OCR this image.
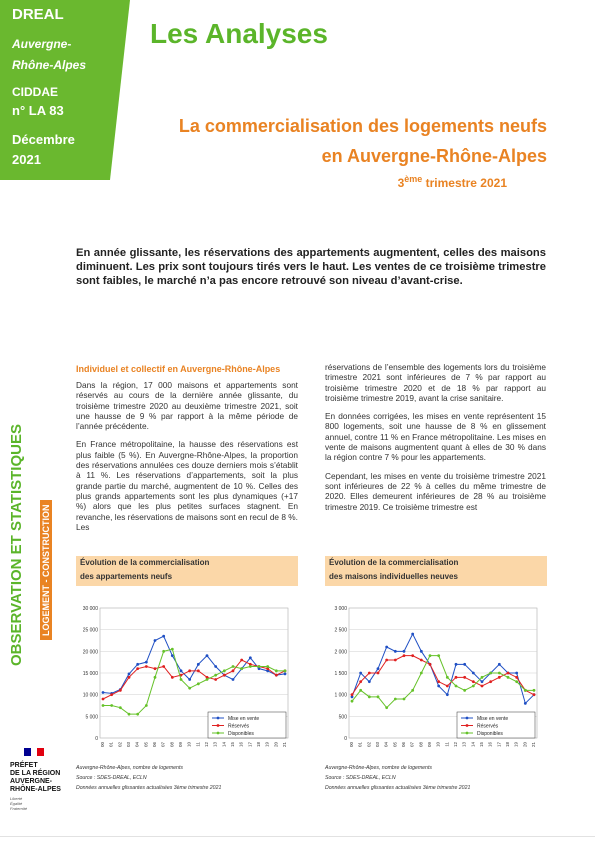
DREAL
Auvergne-
Rhône-Alpes
CIDDAE
n° LA 83
Décembre
2021
Les Analyses
La commercialisation des logements neufs
en Auvergne-Rhône-Alpes
3ème trimestre 2021
En année glissante, les réservations des appartements augmentent, celles des maisons diminuent. Les prix sont toujours tirés vers le haut. Les ventes de ce troisième trimestre sont faibles, le marché n’a pas encore retrouvé son niveau d’avant-crise.
Individuel et collectif en Auvergne-Rhône-Alpes

Dans la région, 17 000 maisons et appartements sont réservés au cours de la dernière année glissante, du troisième trimestre 2020 au deuxième trimestre 2021, soit une hausse de 9 % par rapport à la même période de l’année précédente.

En France métropolitaine, la hausse des réservations est plus faible (5 %). En Auvergne-Rhône-Alpes, la proportion des réservations annulées ces douze derniers mois s’établit à 11 %. Les réservations d’appartements, soit la plus grande partie du marché, augmentent de 10 %. Celles des plus grands appartements sont les plus dynamiques (+17 %) alors que les plus petites surfaces stagnent. En revanche, les réservations de maisons sont en recul de 8 %. Les

réservations de l’ensemble des logements lors du troisième trimestre 2021 sont inférieures de 7 % par rapport au troisième trimestre 2020 et de 18 % par rapport au troisième trimestre 2019, avant la crise sanitaire.

En données corrigées, les mises en vente représentent 15 800 logements, soit une hausse de 8 % en glissement annuel, contre 11 % en France métropolitaine. Les mises en vente de maisons augmentent quant à elles de 30 % dans la région contre 7 % pour les appartements.

Cependant, les mises en vente du troisième trimestre 2021 sont inférieures de 22 % à celles du même trimestre de 2020. Elles demeurent inférieures de 28 % au troisième trimestre 2019. Ce troisième trimestre est

OBSERVATION ET STATISTIQUES LOGEMENT - CONSTRUCTION	Évolution de la commercialisation
des appartements neufs
0
5 000
10 000
15 000
20 000
25 000
30 000
00 01 02 03 04 05 06 07 08 09 10 11 12 13 14 15 16 17 18 19 20 21
Mise en vente
Réservés
Disponibles
Évolution de la commercialisation
des maisons individuelles neuves
0
500
1 000
1 500
2 000
2 500
3 000
00 01 02 03 04 05 06 07 08 09 10 11 12 13 14 15 16 17 18 19 20 21
Mise en vente
Réservés
Disponibles
Auvergne-Rhône-Alpes, nombre de logements
Source : SDES-DREAL, ECLN
Données annuelles glissantes actualisées 3ème trimestre 2021
Auvergne-Rhône-Alpes, nombre de logements
Source : SDES-DREAL, ECLN
Données annuelles glissantes actualisées 3ème trimestre 2021
PRÉFET
DE LA RÉGION
AUVERGNE-
RHÔNE-ALPES
Liberté
Égalité
Fraternité
